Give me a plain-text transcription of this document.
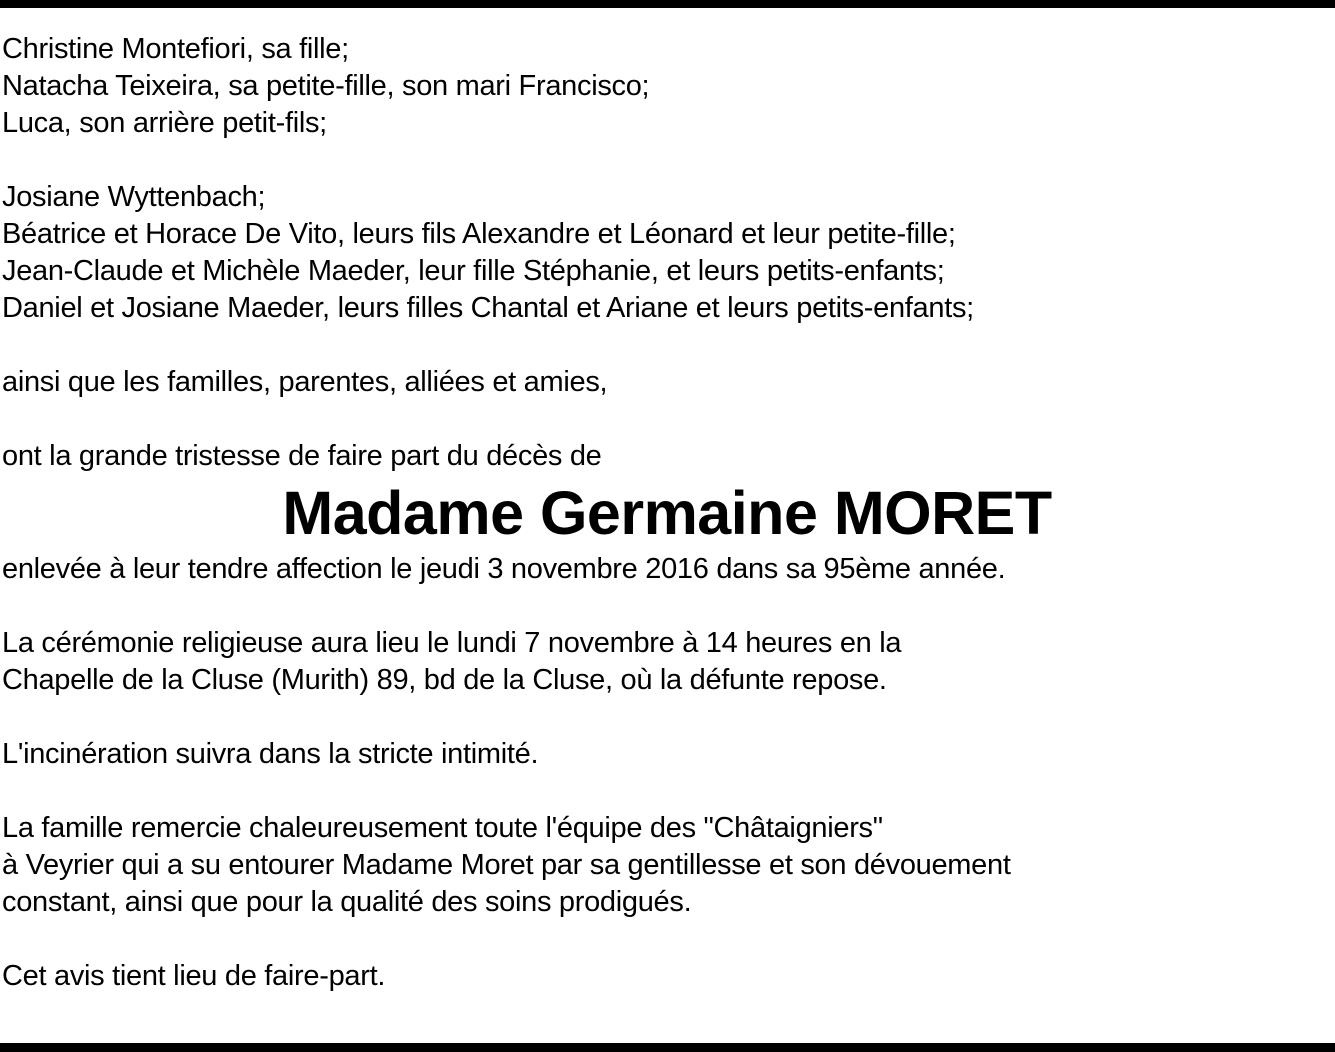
Christine Montefiori, sa fille;
Natacha Teixeira, sa petite-fille, son mari Francisco;
Luca, son arrière petit-fils;
Josiane Wyttenbach;
Béatrice et Horace De Vito, leurs fils Alexandre et Léonard et leur petite-fille;
Jean-Claude et Michèle Maeder, leur fille Stéphanie, et leurs petits-enfants;
Daniel et Josiane Maeder, leurs filles Chantal et Ariane et leurs petits-enfants;
ainsi que les familles, parentes, alliées et amies,
ont la grande tristesse de faire part du décès de
Madame Germaine MORET
enlevée à leur tendre affection le jeudi 3 novembre 2016 dans sa 95ème année.
La cérémonie religieuse aura lieu le lundi 7 novembre à 14 heures en la
Chapelle de la Cluse (Murith) 89, bd de la Cluse, où la défunte repose.
L'incinération suivra dans la stricte intimité.
La famille remercie chaleureusement toute l'équipe des "Châtaigniers"
à Veyrier qui a su entourer Madame Moret par sa gentillesse et son dévouement
constant, ainsi que pour la qualité des soins prodigués.
Cet avis tient lieu de faire-part.
